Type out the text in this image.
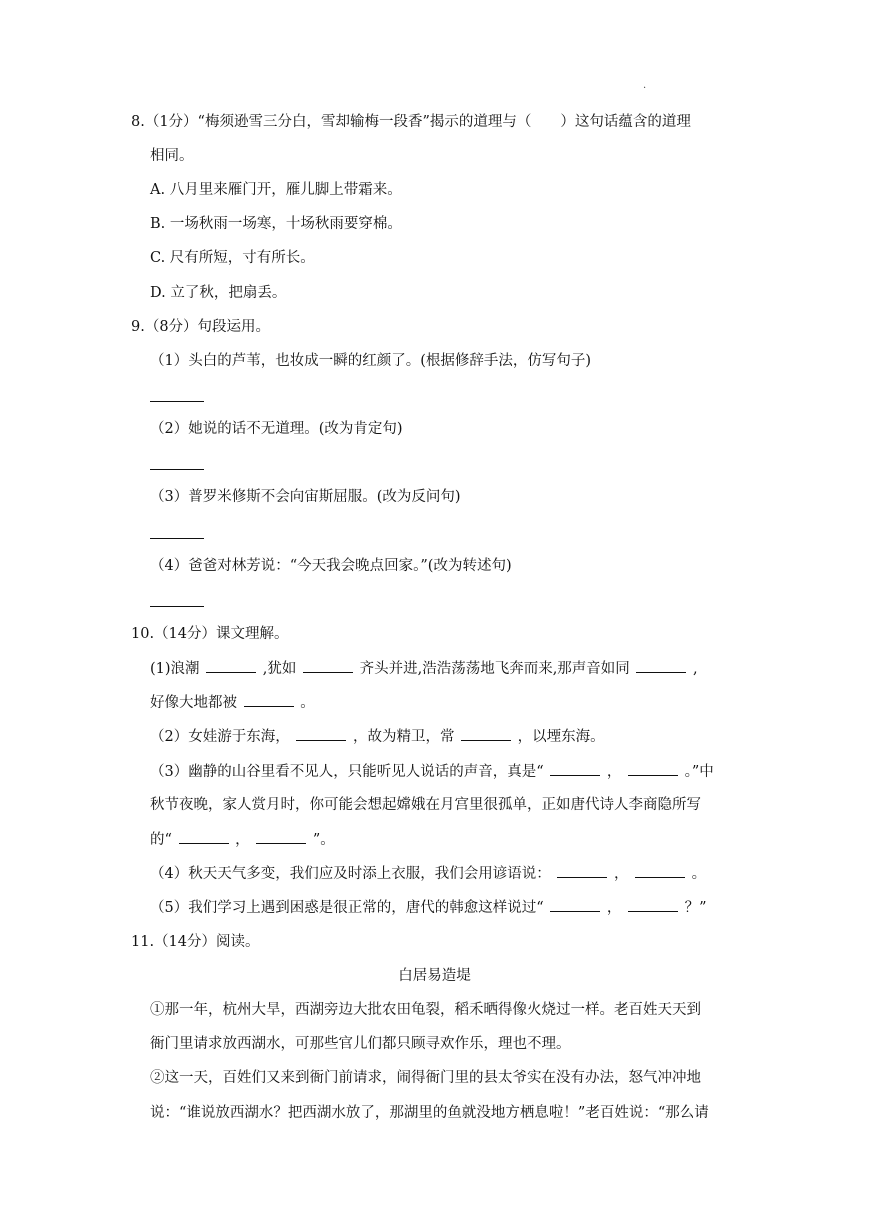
.
8.（1分）“梅须逊雪三分白，雪却输梅一段香”揭示的道理与（　　）这句话蕴含的道理
相同。
A. 八月里来雁门开，雁儿脚上带霜来。
B. 一场秋雨一场寒，十场秋雨要穿棉。
C. 尺有所短，寸有所长。
D. 立了秋，把扇丢。
9.（8分）句段运用。
（1）头白的芦苇，也妆成一瞬的红颜了。(根据修辞手法，仿写句子)
（2）她说的话不无道理。(改为肯定句)
（3）普罗米修斯不会向宙斯屈服。(改为反问句)
（4）爸爸对林芳说：“今天我会晚点回家。”(改为转述句)
10.（14分）课文理解。
(1)浪潮	,犹如	齐头并进,浩浩荡荡地飞奔而来,那声音如同	,
好像大地都被	。
（2）女娃游于东海，	，故为精卫，常	，以堙东海。
（3）幽静的山谷里看不见人，只能听见人说话的声音，真是“	，	。”中
秋节夜晚，家人赏月时，你可能会想起嫦娥在月宫里很孤单，正如唐代诗人李商隐所写
的“	，	”。
（4）秋天天气多变，我们应及时添上衣服，我们会用谚语说：	，	。
（5）我们学习上遇到困惑是很正常的，唐代的韩愈这样说过“	，	？”
11.（14分）阅读。
白居易造堤
①那一年，杭州大旱，西湖旁边大批农田龟裂，稻禾晒得像火烧过一样。老百姓天天到
衙门里请求放西湖水，可那些官儿们都只顾寻欢作乐，理也不理。
②这一天，百姓们又来到衙门前请求，闹得衙门里的县太爷实在没有办法，怒气冲冲地
说：“谁说放西湖水？把西湖水放了，那湖里的鱼就没地方栖息啦！”老百姓说：“那么请
